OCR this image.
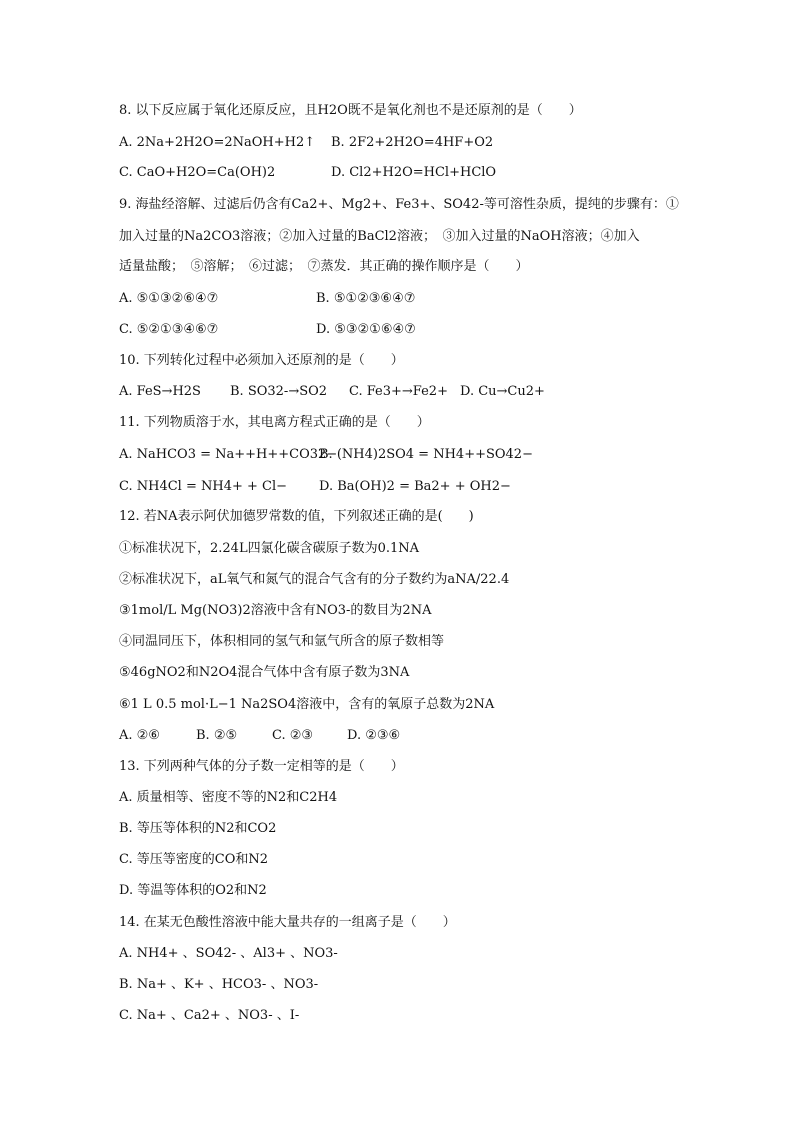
8. 以下反应属于氧化还原反应，且H2O既不是氧化剂也不是还原剂的是（　　）
A. 2Na+2H2O=2NaOH+H2↑ B. 2F2+2H2O=4HF+O2
C. CaO+H2O=Ca(OH)2	D. Cl2+H2O=HCl+HClO
9. 海盐经溶解、过滤后仍含有Ca2+、Mg2+、Fe3+、SO42-等可溶性杂质，提纯的步骤有：①
加入过量的Na2CO3溶液；②加入过量的BaCl2溶液；　③加入过量的NaOH溶液；④加入
适量盐酸；　⑤溶解；　⑥过滤；　⑦蒸发．其正确的操作顺序是（　　）
A. ⑤①③②⑥④⑦	B. ⑤①②③⑥④⑦
C. ⑤②①③④⑥⑦	D. ⑤③②①⑥④⑦
10. 下列转化过程中必须加入还原剂的是（　　）
A. FeS→H2S B. SO32-→SO2 C. Fe3+→Fe2+ D. Cu→Cu2+
11. 下列物质溶于水，其电离方程式正确的是（　　）
A. NaHCO3 = Na++H++CO32−
B. (NH4)2SO4 = NH4++SO42−
C. NH4Cl = NH4+ + Cl− D. Ba(OH)2 = Ba2+ + OH2−
12. 若NA表示阿伏加德罗常数的值，下列叙述正确的是(　　)
①标准状况下，2.24L四氯化碳含碳原子数为0.1NA
②标准状况下，aL氧气和氮气的混合气含有的分子数约为aNA/22.4
③1mol/L Mg(NO3)2溶液中含有NO3-的数目为2NA
④同温同压下，体积相同的氢气和氩气所含的原子数相等
⑤46gNO2和N2O4混合气体中含有原子数为3NA
⑥1 L 0.5 mol·L−1 Na2SO4溶液中，含有的氧原子总数为2NA
A. ②⑥	B. ②⑤	C. ②③	D. ②③⑥
13. 下列两种气体的分子数一定相等的是（　　）
A. 质量相等、密度不等的N2和C2H4
B. 等压等体积的N2和CO2
C. 等压等密度的CO和N2
D. 等温等体积的O2和N2
14. 在某无色酸性溶液中能大量共存的一组离子是（　　）
A. NH4+ 、SO42- 、Al3+ 、NO3-
B. Na+ 、K+ 、HCO3- 、NO3-
C. Na+ 、Ca2+ 、NO3- 、I-
